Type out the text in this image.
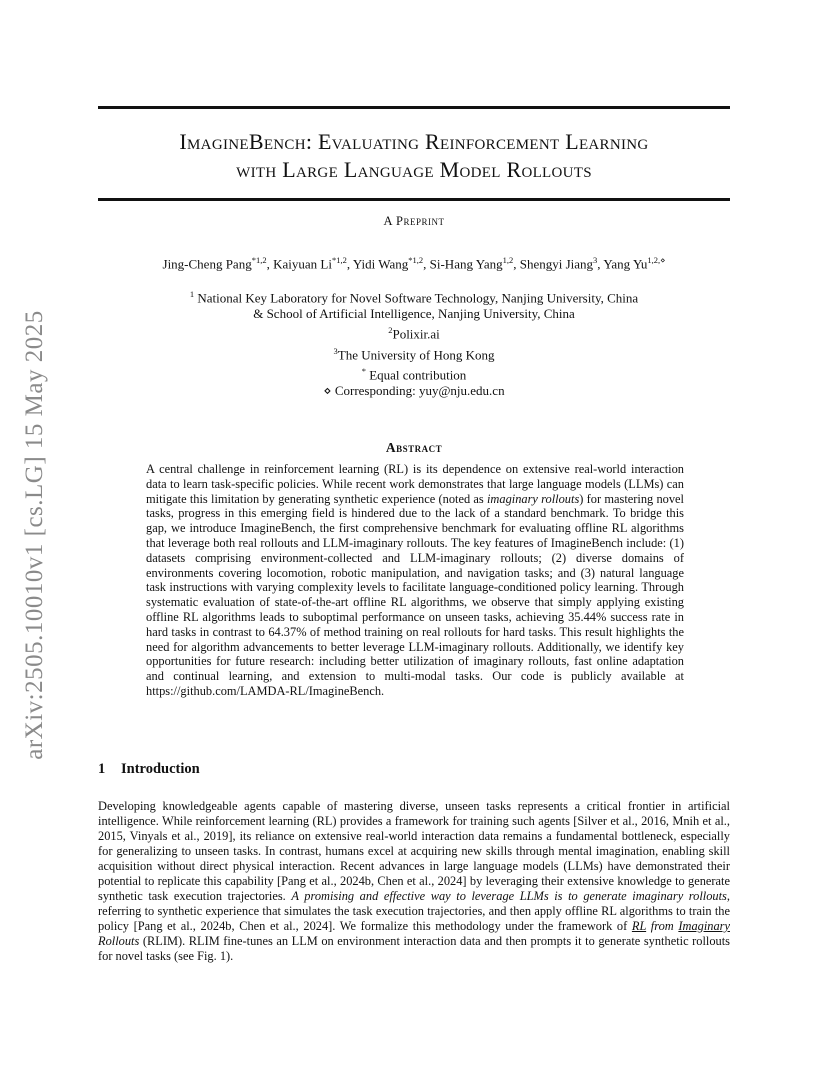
arXiv:2505.10010v1 [cs.LG] 15 May 2025
ImagineBench: Evaluating Reinforcement Learning
with Large Language Model Rollouts
A Preprint
Jing-Cheng Pang$^{*1,2}$, Kaiyuan Li$^{*1,2}$, Yidi Wang$^{*1,2}$, Si-Hang Yang$^{1,2}$, Shengyi Jiang$^3$, Yang $Yu^{1,2,⋄}$
$^1$ National Key Laboratory for Novel Software Technology, Nanjing University, China
& School of Artificial Intelligence, Nanjing University, China
$^2$Polixir.ai
$^3$The University of Hong Kong
* Equal contribution
⋄ Corresponding: yuy@nju.edu.cn
Abstract

A central challenge in reinforcement learning (RL) is its dependence on extensive real-world interaction data to learn task-specific policies. While recent work demonstrates that large language models (LLMs) can mitigate this limitation by generating synthetic experience (noted as imaginary rollouts) for mastering novel tasks, progress in this emerging field is hindered due to the lack of a standard benchmark. To bridge this gap, we introduce ImagineBench, the first comprehensive benchmark for evaluating offline RL algorithms that leverage both real rollouts and LLM-imaginary rollouts. The key features of ImagineBench include: (1) datasets comprising environment-collected and LLM-imaginary rollouts; (2) diverse domains of environments covering locomotion, robotic manipulation, and navigation tasks; and (3) natural language task instructions with varying complexity levels to facilitate language-conditioned policy learning. Through systematic evaluation of state-of-the-art offline RL algorithms, we observe that simply applying existing offline RL algorithms leads to suboptimal performance on unseen tasks, achieving 35.44% success rate in hard tasks in contrast to 64.37% of method training on real rollouts for hard tasks. This result highlights the need for algorithm advancements to better leverage LLM-imaginary rollouts. Additionally, we identify key opportunities for future research: including better utilization of imaginary rollouts, fast online adaptation and continual learning, and extension to multi-modal tasks. Our code is publicly available at https://github.com/LAMDA-RL/ImagineBench.

1 Introduction

Developing knowledgeable agents capable of mastering diverse, unseen tasks represents a critical frontier in artificial intelligence. While reinforcement learning (RL) provides a framework for training such agents [Silver et al., 2016, Mnih et al., 2015, Vinyals et al., 2019], its reliance on extensive real-world interaction data remains a fundamental bottleneck, especially for generalizing to unseen tasks. In contrast, humans excel at acquiring new skills through mental imagination, enabling skill acquisition without direct physical interaction. Recent advances in large language models (LLMs) have demonstrated their potential to replicate this capability [Pang et al., 2024b, Chen et al., 2024] by leveraging their extensive knowledge to generate synthetic task execution trajectories. A promising and effective way to leverage LLMs is to generate imaginary rollouts, referring to synthetic experience that simulates the task execution trajectories, and then apply offline RL algorithms to train the policy [Pang et al., 2024b, Chen et al., 2024]. We formalize this methodology under the framework of RL from Imaginary Rollouts (RLIM). RLIM fine-tunes an LLM on environment interaction data and then prompts it to generate synthetic rollouts for novel tasks (see Fig. 1).
